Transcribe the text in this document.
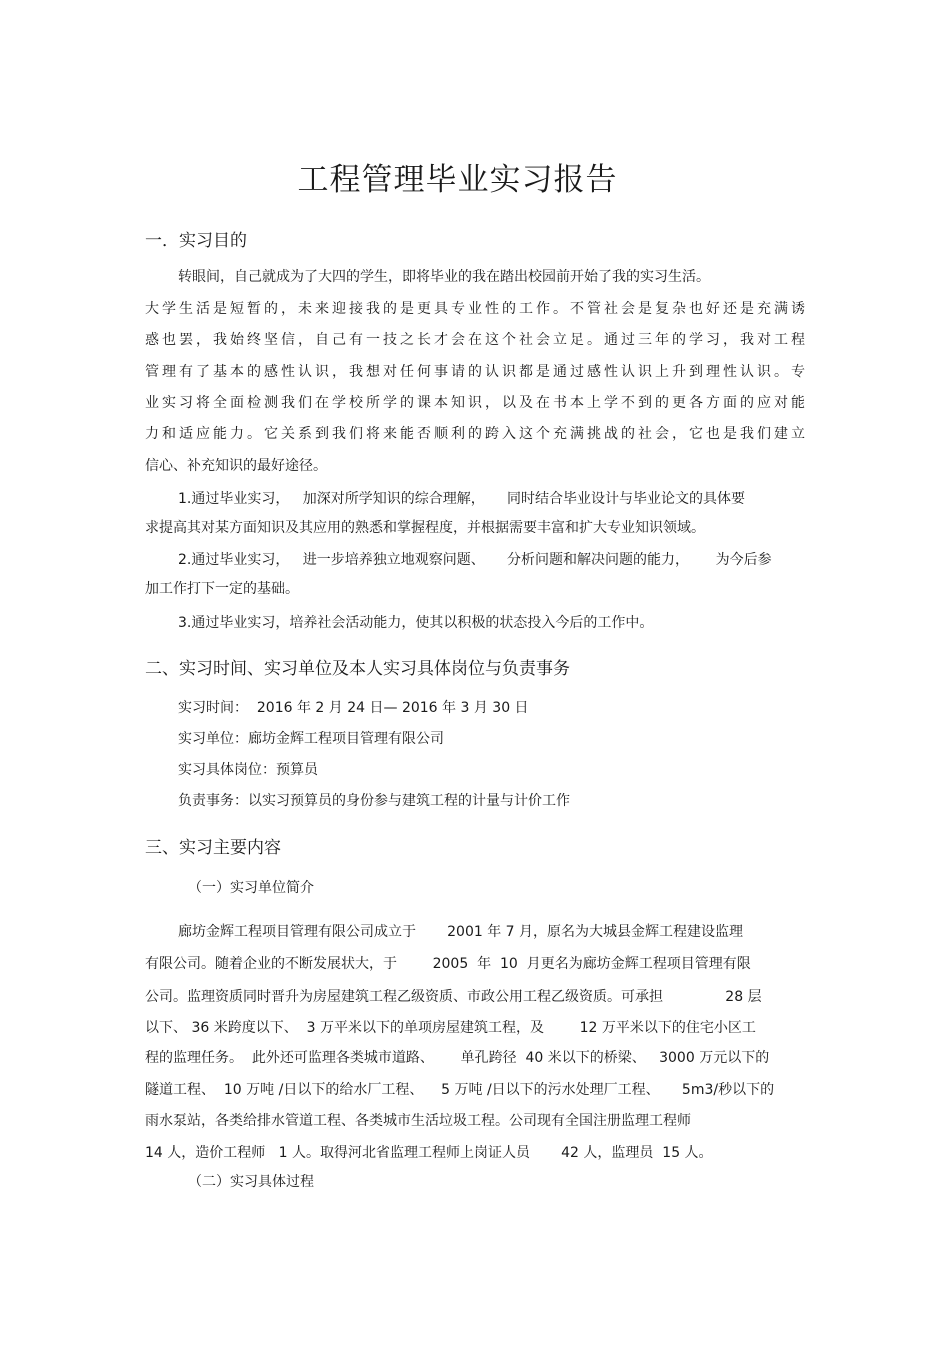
工程管理毕业实习报告
一．实习目的
转眼间，自己就成为了大四的学生，即将毕业的我在踏出校园前开始了我的实习生活。
大学生活是短暂的，未来迎接我的是更具专业性的工作。不管社会是复杂也好还是充满诱
惑也罢，我始终坚信，自己有一技之长才会在这个社会立足。通过三年的学习，我对工程
管理有了基本的感性认识，我想对任何事请的认识都是通过感性认识上升到理性认识。专
业实习将全面检测我们在学校所学的课本知识，以及在书本上学不到的更各方面的应对能
力和适应能力。它关系到我们将来能否顺利的跨入这个充满挑战的社会，它也是我们建立
信心、补充知识的最好途径。
1.通过毕业实习，   加深对所学知识的综合理解，     同时结合毕业设计与毕业论文的具体要
求提高其对某方面知识及其应用的熟悉和掌握程度，并根据需要丰富和扩大专业知识领域。
2.通过毕业实习，   进一步培养独立地观察问题、     分析问题和解决问题的能力，      为今后参
加工作打下一定的基础。
3.通过毕业实习，培养社会活动能力，使其以积极的状态投入今后的工作中。
二、实习时间、实习单位及本人实习具体岗位与负责事务
实习时间：  2016 年 2 月 24 日— 2016 年 3 月 30 日
实习单位：廊坊金辉工程项目管理有限公司
实习具体岗位：预算员
负责事务：以实习预算员的身份参与建筑工程的计量与计价工作
三、实习主要内容
（一）实习单位简介
廊坊金辉工程项目管理有限公司成立于       2001 年 7 月，原名为大城县金辉工程建设监理
有限公司。随着企业的不断发展状大，于        2005  年  10  月更名为廊坊金辉工程项目管理有限
公司。监理资质同时晋升为房屋建筑工程乙级资质、市政公用工程乙级资质。可承担              28 层
以下、 36 米跨度以下、  3 万平米以下的单项房屋建筑工程，及        12 万平米以下的住宅小区工
程的监理任务。  此外还可监理各类城市道路、      单孔跨径  40 米以下的桥梁、   3000 万元以下的
隧道工程、  10 万吨 /日以下的给水厂工程、    5 万吨 /日以下的污水处理厂工程、     5m3/秒以下的
雨水泵站，各类给排水管道工程、各类城市生活垃圾工程。公司现有全国注册监理工程师
14 人，造价工程师   1 人。取得河北省监理工程师上岗证人员       42 人，监理员  15 人。
（二）实习具体过程
